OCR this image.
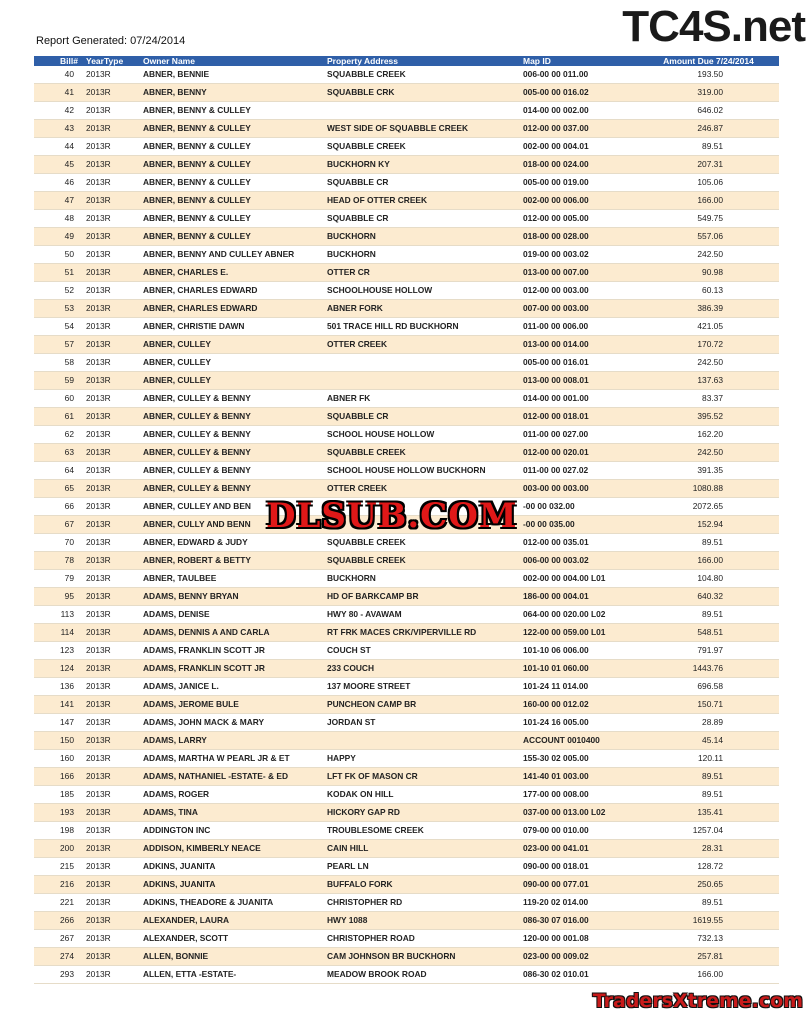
Report Generated: 07/24/2014	TC4S.net
Bill#	YearType	Owner Name	Property Address	Map ID	Amount Due 7/24/2014
40	2013R	ABNER, BENNIE	SQUABBLE CREEK	006-00 00 011.00	193.50
41	2013R	ABNER, BENNY	SQUABBLE CRK	005-00 00 016.02	319.00
42	2013R	ABNER, BENNY & CULLEY		014-00 00 002.00	646.02
43	2013R	ABNER, BENNY & CULLEY	WEST SIDE OF SQUABBLE CREEK	012-00 00 037.00	246.87
44	2013R	ABNER, BENNY & CULLEY	SQUABBLE CREEK	002-00 00 004.01	89.51
45	2013R	ABNER, BENNY & CULLEY	BUCKHORN KY	018-00 00 024.00	207.31
46	2013R	ABNER, BENNY & CULLEY	SQUABBLE CR	005-00 00 019.00	105.06
47	2013R	ABNER, BENNY & CULLEY	HEAD OF OTTER CREEK	002-00 00 006.00	166.00
48	2013R	ABNER, BENNY & CULLEY	SQUABBLE CR	012-00 00 005.00	549.75
49	2013R	ABNER, BENNY & CULLEY	BUCKHORN	018-00 00 028.00	557.06
50	2013R	ABNER, BENNY AND CULLEY ABNER	BUCKHORN	019-00 00 003.02	242.50
51	2013R	ABNER, CHARLES E.	OTTER CR	013-00 00 007.00	90.98
52	2013R	ABNER, CHARLES EDWARD	SCHOOLHOUSE HOLLOW	012-00 00 003.00	60.13
53	2013R	ABNER, CHARLES EDWARD	ABNER FORK	007-00 00 003.00	386.39
54	2013R	ABNER, CHRISTIE DAWN	501 TRACE HILL RD BUCKHORN	011-00 00 006.00	421.05
57	2013R	ABNER, CULLEY	OTTER CREEK	013-00 00 014.00	170.72
58	2013R	ABNER, CULLEY		005-00 00 016.01	242.50
59	2013R	ABNER, CULLEY		013-00 00 008.01	137.63
60	2013R	ABNER, CULLEY & BENNY	ABNER FK	014-00 00 001.00	83.37
61	2013R	ABNER, CULLEY & BENNY	SQUABBLE CR	012-00 00 018.01	395.52
62	2013R	ABNER, CULLEY & BENNY	SCHOOL HOUSE HOLLOW	011-00 00 027.00	162.20
63	2013R	ABNER, CULLEY & BENNY	SQUABBLE CREEK	012-00 00 020.01	242.50
64	2013R	ABNER, CULLEY & BENNY	SCHOOL HOUSE HOLLOW BUCKHORN	011-00 00 027.02	391.35
65	2013R	ABNER, CULLEY & BENNY	OTTER CREEK	003-00 00 003.00	1080.88
66	2013R	ABNER, CULLEY AND BEN		-00 00 032.00	2072.65
67	2013R	ABNER, CULLY AND BENN		-00 00 035.00	152.94
70	2013R	ABNER, EDWARD & JUDY	SQUABBLE CREEK	012-00 00 035.01	89.51
78	2013R	ABNER, ROBERT & BETTY	SQUABBLE CREEK	006-00 00 003.02	166.00
79	2013R	ABNER, TAULBEE	BUCKHORN	002-00 00 004.00 L01	104.80
95	2013R	ADAMS, BENNY BRYAN	HD OF BARKCAMP BR	186-00 00 004.01	640.32
113	2013R	ADAMS, DENISE	HWY 80 - AVAWAM	064-00 00 020.00 L02	89.51
114	2013R	ADAMS, DENNIS A AND CARLA	RT FRK MACES CRK/VIPERVILLE RD	122-00 00 059.00 L01	548.51
123	2013R	ADAMS, FRANKLIN SCOTT JR	COUCH ST	101-10 06 006.00	791.97
124	2013R	ADAMS, FRANKLIN SCOTT JR	233 COUCH	101-10 01 060.00	1443.76
136	2013R	ADAMS, JANICE L.	137 MOORE STREET	101-24 11 014.00	696.58
141	2013R	ADAMS, JEROME BULE	PUNCHEON CAMP BR	160-00 00 012.02	150.71
147	2013R	ADAMS, JOHN MACK & MARY	JORDAN ST	101-24 16 005.00	28.89
150	2013R	ADAMS, LARRY		ACCOUNT 0010400	45.14
160	2013R	ADAMS, MARTHA W PEARL JR & ET	HAPPY	155-30 02 005.00	120.11
166	2013R	ADAMS, NATHANIEL -ESTATE- & ED	LFT FK OF MASON CR	141-40 01 003.00	89.51
185	2013R	ADAMS, ROGER	KODAK ON HILL	177-00 00 008.00	89.51
193	2013R	ADAMS, TINA	HICKORY GAP RD	037-00 00 013.00 L02	135.41
198	2013R	ADDINGTON INC	TROUBLESOME CREEK	079-00 00 010.00	1257.04
200	2013R	ADDISON, KIMBERLY NEACE	CAIN HILL	023-00 00 041.01	28.31
215	2013R	ADKINS, JUANITA	PEARL LN	090-00 00 018.01	128.72
216	2013R	ADKINS, JUANITA	BUFFALO FORK	090-00 00 077.01	250.65
221	2013R	ADKINS, THEADORE & JUANITA	CHRISTOPHER RD	119-20 02 014.00	89.51
266	2013R	ALEXANDER, LAURA	HWY 1088	086-30 07 016.00	1619.55
267	2013R	ALEXANDER, SCOTT	CHRISTOPHER ROAD	120-00 00 001.08	732.13
274	2013R	ALLEN, BONNIE	CAM JOHNSON BR BUCKHORN	023-00 00 009.02	257.81
293	2013R	ALLEN, ETTA -ESTATE-	MEADOW BROOK ROAD	086-30 02 010.01	166.00
DLSUB.COM
TradersXtreme.com
